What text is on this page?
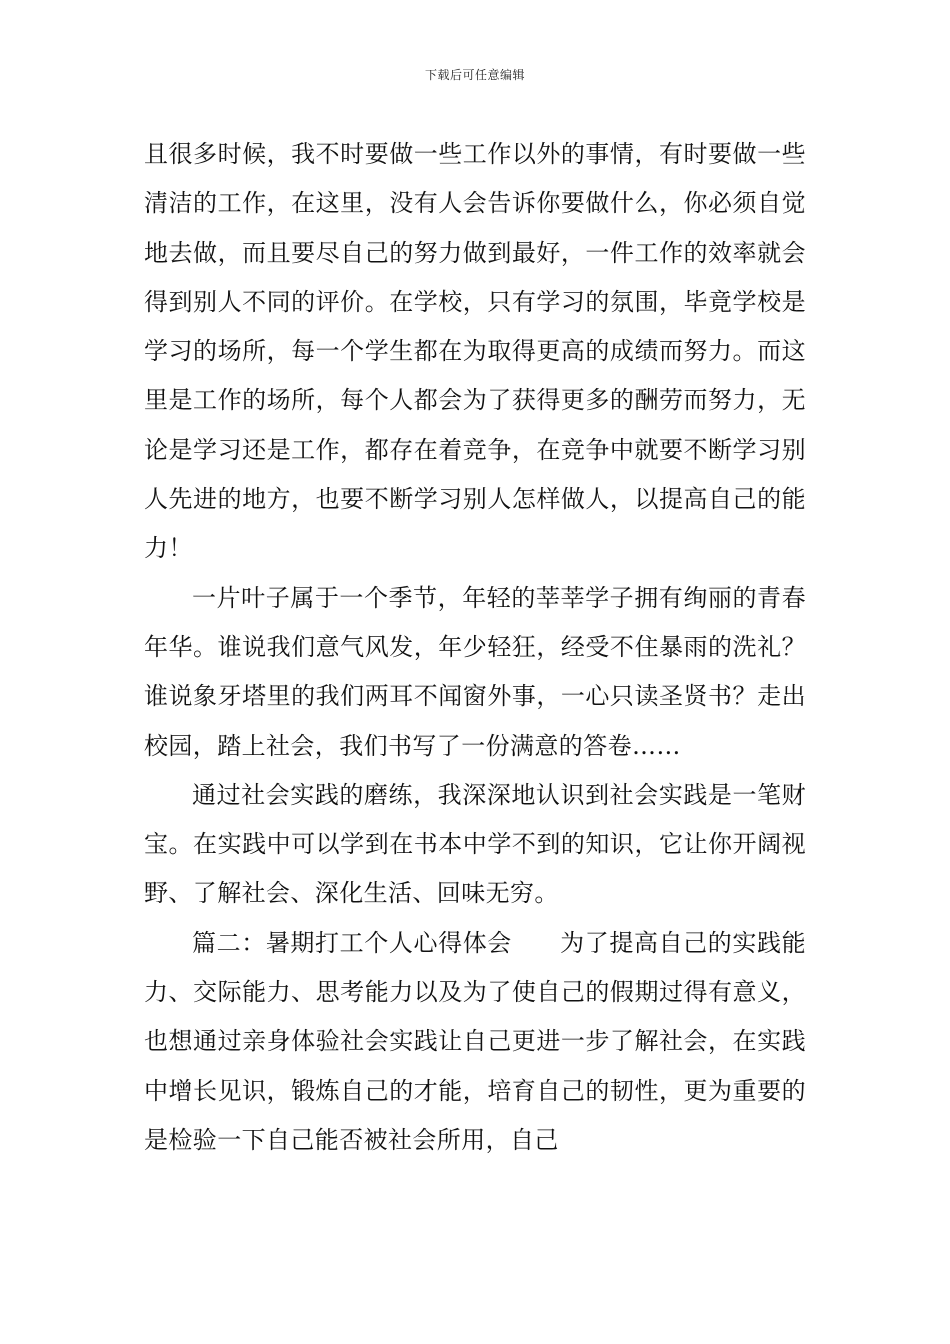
下载后可任意编辑

且很多时候，我不时要做一些工作以外的事情，有时要做一些清洁的工作，在这里，没有人会告诉你要做什么，你必须自觉地去做，而且要尽自己的努力做到最好，一件工作的效率就会得到别人不同的评价。在学校，只有学习的氛围，毕竟学校是学习的场所，每一个学生都在为取得更高的成绩而努力。而这里是工作的场所，每个人都会为了获得更多的酬劳而努力，无论是学习还是工作，都存在着竞争，在竞争中就要不断学习别人先进的地方，也要不断学习别人怎样做人，以提高自己的能力！

一片叶子属于一个季节，年轻的莘莘学子拥有绚丽的青春年华。谁说我们意气风发，年少轻狂，经受不住暴雨的洗礼？谁说象牙塔里的我们两耳不闻窗外事，一心只读圣贤书？走出校园，踏上社会，我们书写了一份满意的答卷……

通过社会实践的磨练，我深深地认识到社会实践是一笔财宝。在实践中可以学到在书本中学不到的知识，它让你开阔视野、了解社会、深化生活、回味无穷。

篇二：暑期打工个人心得体会 为了提高自己的实践能力、交际能力、思考能力以及为了使自己的假期过得有意义，也想通过亲身体验社会实践让自己更进一步了解社会，在实践中增长见识，锻炼自己的才能，培育自己的韧性，更为重要的是检验一下自己能否被社会所用，自己
